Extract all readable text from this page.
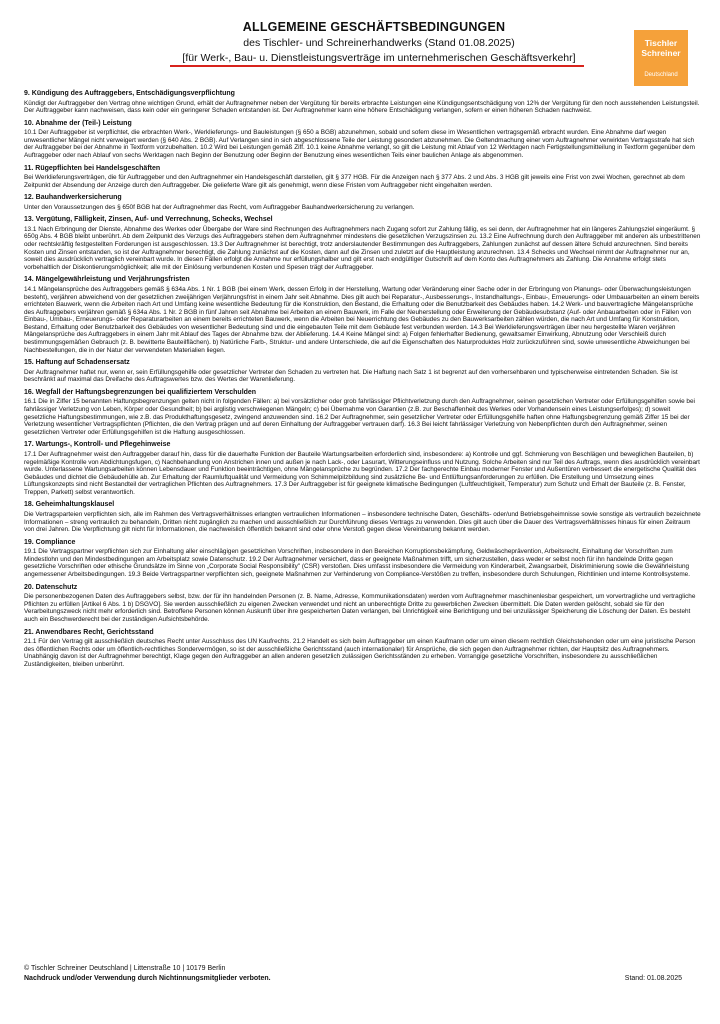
ALLGEMEINE GESCHÄFTSBEDINGUNGEN
des Tischler- und Schreinerhandwerks (Stand 01.08.2025)
[für Werk-, Bau- u. Dienstleistungsverträge im unternehmerischen Geschäftsverkehr]
Tischler
Schreiner
Deutschland
9. Kündigung des Auftraggebers, Entschädigungsverpflichtung

Kündigt der Auftraggeber den Vertrag ohne wichtigen Grund, erhält der Auftragnehmer neben der Vergütung für bereits erbrachte Leistungen eine Kündigungsentschädigung von 12% der Vergütung für den noch ausstehenden Leistungsteil. Der Auftraggeber kann nachweisen, dass kein oder ein geringerer Schaden entstanden ist. Der Auftragnehmer kann eine höhere Entschädigung verlangen, sofern er einen höheren Schaden nachweist.

10. Abnahme der (Teil-) Leistung

10.1 Der Auftraggeber ist verpflichtet, die erbrachten Werk-, Werklieferungs- und Bauleistungen (§ 650 a BGB) abzunehmen, sobald und sofern diese im Wesentlichen vertragsgemäß erbracht wurden. Eine Abnahme darf wegen unwesentlicher Mängel nicht verweigert werden (§ 640 Abs. 2 BGB). Auf Verlangen sind in sich abgeschlossene Teile der Leistung gesondert abzunehmen. Die Geltendmachung einer vom Auftragnehmer verwirkten Vertragsstrafe hat sich der Auftraggeber bei der Abnahme in Textform vorzubehalten. 10.2 Wird bei Leistungen gemäß Ziff. 10.1 keine Abnahme verlangt, so gilt die Leistung mit Ablauf von 12 Werktagen nach Fertigstellungsmitteilung in Textform gegenüber dem Auftraggeber oder nach Ablauf von sechs Werktagen nach Beginn der Benutzung oder Beginn der Benutzung eines wesentlichen Teils einer baulichen Anlage als abgenommen.

11. Rügepflichten bei Handelsgeschäften

Bei Werklieferungsverträgen, die für Auftraggeber und den Auftragnehmer ein Handelsgeschäft darstellen, gilt § 377 HGB. Für die Anzeigen nach § 377 Abs. 2 und Abs. 3 HGB gilt jeweils eine Frist von zwei Wochen, gerechnet ab dem Zeitpunkt der Absendung der Anzeige durch den Auftraggeber. Die gelieferte Ware gilt als genehmigt, wenn diese Fristen vom Auftraggeber nicht eingehalten werden.

12. Bauhandwerkersicherung

Unter den Voraussetzungen des § 650f BGB hat der Auftragnehmer das Recht, vom Auftraggeber Bauhandwerkersicherung zu verlangen.

13. Vergütung, Fälligkeit, Zinsen, Auf- und Verrechnung, Schecks, Wechsel

13.1 Nach Erbringung der Dienste, Abnahme des Werkes oder Übergabe der Ware sind Rechnungen des Auftragnehmers nach Zugang sofort zur Zahlung fällig, es sei denn, der Auftragnehmer hat ein längeres Zahlungsziel eingeräumt. § 650g Abs. 4 BGB bleibt unberührt. Ab dem Zeitpunkt des Verzugs des Auftraggebers stehen dem Auftragnehmer mindestens die gesetzlichen Verzugszinsen zu. 13.2 Eine Aufrechnung durch den Auftraggeber mit anderen als unbestrittenen oder rechtskräftig festgestellten Forderungen ist ausgeschlossen. 13.3 Der Auftragnehmer ist berechtigt, trotz anderslautender Bestimmungen des Auftraggebers, Zahlungen zunächst auf dessen ältere Schuld anzurechnen. Sind bereits Kosten und Zinsen entstanden, so ist der Auftragnehmer berechtigt, die Zahlung zunächst auf die Kosten, dann auf die Zinsen und zuletzt auf die Hauptleistung anzurechnen. 13.4 Schecks und Wechsel nimmt der Auftragnehmer nur an, soweit dies ausdrücklich vertraglich vereinbart wurde. In diesen Fällen erfolgt die Annahme nur erfüllungshalber und gilt erst nach endgültiger Gutschrift auf dem Konto des Auftragnehmers als Zahlung. Die Annahme erfolgt stets vorbehaltlich der Diskontierungsmöglichkeit; alle mit der Einlösung verbundenen Kosten und Spesen trägt der Auftraggeber.

14. Mängelgewährleistung und Verjährungsfristen

14.1 Mängelansprüche des Auftraggebers gemäß § 634a Abs. 1 Nr. 1 BGB (bei einem Werk, dessen Erfolg in der Herstellung, Wartung oder Veränderung einer Sache oder in der Erbringung von Planungs- oder Überwachungsleistungen besteht), verjähren abweichend von der gesetzlichen zweijährigen Verjährungsfrist in einem Jahr seit Abnahme. Dies gilt auch bei Reparatur-, Ausbesserungs-, Instandhaltungs-, Einbau-, Erneuerungs- oder Umbauarbeiten an einem bereits errichteten Bauwerk, wenn die Arbeiten nach Art und Umfang keine wesentliche Bedeutung für die Konstruktion, den Bestand, die Erhaltung oder die Benutzbarkeit des Gebäudes haben. 14.2 Werk- und bauvertragliche Mängelansprüche des Auftraggebers verjähren gemäß § 634a Abs. 1 Nr. 2 BGB in fünf Jahren seit Abnahme bei Arbeiten an einem Bauwerk, im Falle der Neuherstellung oder Erweiterung der Gebäudesubstanz (Auf- oder Anbauarbeiten oder in Fällen von Einbau-, Umbau-, Erneuerungs- oder Reparaturarbeiten an einem bereits errichteten Bauwerk, wenn die Arbeiten bei Neuerrichtung des Gebäudes zu den Bauwerksarbeiten zählen würden, die nach Art und Umfang für Konstruktion, Bestand, Erhaltung oder Benutzbarkeit des Gebäudes von wesentlicher Bedeutung sind und die eingebauten Teile mit dem Gebäude fest verbunden werden. 14.3 Bei Werklieferungsverträgen über neu hergestellte Waren verjähren Mängelansprüche des Auftraggebers in einem Jahr mit Ablauf des Tages der Abnahme bzw. der Ablieferung. 14.4 Keine Mängel sind: a) Folgen fehlerhafter Bedienung, gewaltsamer Einwirkung, Abnutzung oder Verschleiß durch bestimmungsgemäßen Gebrauch (z. B. bewitterte Bauteilflächen). b) Natürliche Farb-, Struktur- und andere Unterschiede, die auf die Eigenschaften des Naturproduktes Holz zurückzuführen sind, sowie unwesentliche Abweichungen bei Nachbestellungen, die in der Natur der verwendeten Materialien liegen.

15. Haftung auf Schadensersatz

Der Auftragnehmer haftet nur, wenn er, sein Erfüllungsgehilfe oder gesetzlicher Vertreter den Schaden zu vertreten hat. Die Haftung nach Satz 1 ist begrenzt auf den vorhersehbaren und typischerweise eintretenden Schaden. Sie ist beschränkt auf maximal das Dreifache des Auftragswertes bzw. des Wertes der Warenlieferung.

16. Wegfall der Haftungsbegrenzungen bei qualifiziertem Verschulden

16.1 Die in Ziffer 15 benannten Haftungsbegrenzungen gelten nicht in folgenden Fällen: a) bei vorsätzlicher oder grob fahrlässiger Pflichtverletzung durch den Auftragnehmer, seinen gesetzlichen Vertreter oder Erfüllungsgehilfen sowie bei fahrlässiger Verletzung von Leben, Körper oder Gesundheit; b) bei arglistig verschwiegenen Mängeln; c) bei Übernahme von Garantien (z.B. zur Beschaffenheit des Werkes oder Vorhandensein eines Leistungserfolges); d) soweit gesetzliche Haftungsbestimmungen, wie z.B. das Produkthaftungsgesetz, zwingend anzuwenden sind. 16.2 Der Auftragnehmer, sein gesetzlicher Vertreter oder Erfüllungsgehilfe haften ohne Haftungsbegrenzung gemäß Ziffer 15 bei der Verletzung wesentlicher Vertragspflichten (Pflichten, die den Vertrag prägen und auf deren Einhaltung der Auftraggeber vertrauen darf). 16.3 Bei leicht fahrlässiger Verletzung von Nebenpflichten durch den Auftragnehmer, seinen gesetzlichen Vertreter oder Erfüllungsgehilfen ist die Haftung ausgeschlossen.

17. Wartungs-, Kontroll- und Pflegehinweise

17.1 Der Auftragnehmer weist den Auftraggeber darauf hin, dass für die dauerhafte Funktion der Bauteile Wartungsarbeiten erforderlich sind, insbesondere: a) Kontrolle und ggf. Schmierung von Beschlägen und beweglichen Bauteilen, b) regelmäßige Kontrolle von Abdichtungsfugen, c) Nachbehandlung von Anstrichen innen und außen je nach Lack-, oder Lasurart, Witterungseinfluss und Nutzung. Solche Arbeiten sind nur Teil des Auftrags, wenn dies ausdrücklich vereinbart wurde. Unterlassene Wartungsarbeiten können Lebensdauer und Funktion beeinträchtigen, ohne Mängelansprüche zu begründen. 17.2 Der fachgerechte Einbau moderner Fenster und Außentüren verbessert die energetische Qualität des Gebäudes und dichtet die Gebäudehülle ab. Zur Erhaltung der Raumluftqualität und Vermeidung von Schimmelpilzbildung sind zusätzliche Be- und Entlüftungsanforderungen zu erfüllen. Die Erstellung und Umsetzung eines Lüftungskonzepts sind nicht Bestandteil der vertraglichen Pflichten des Auftragnehmers. 17.3 Der Auftraggeber ist für geeignete klimatische Bedingungen (Luftfeuchtigkeit, Temperatur) zum Schutz und Erhalt der Bauteile (z. B. Fenster, Treppen, Parkett) selbst verantwortlich.

18. Geheimhaltungsklausel

Die Vertragsparteien verpflichten sich, alle im Rahmen des Vertragsverhältnisses erlangten vertraulichen Informationen – insbesondere technische Daten, Geschäfts- oder/und Betriebsgeheimnisse sowie sonstige als vertraulich bezeichnete Informationen – streng vertraulich zu behandeln, Dritten nicht zugänglich zu machen und ausschließlich zur Durchführung dieses Vertrags zu verwenden. Dies gilt auch über die Dauer des Vertragsverhältnisses hinaus für einen Zeitraum von drei Jahren. Die Verpflichtung gilt nicht für Informationen, die nachweislich öffentlich bekannt sind oder ohne Verstoß gegen diese Vereinbarung bekannt werden.

19. Compliance

19.1 Die Vertragspartner verpflichten sich zur Einhaltung aller einschlägigen gesetzlichen Vorschriften, insbesondere in den Bereichen Korruptionsbekämpfung, Geldwäscheprävention, Arbeitsrecht, Einhaltung der Vorschriften zum Mindestlohn und den Mindestbedingungen am Arbeitsplatz sowie Datenschutz. 19.2 Der Auftragnehmer versichert, dass er geeignete Maßnahmen trifft, um sicherzustellen, dass weder er selbst noch für ihn handelnde Dritte gegen gesetzliche Vorschriften oder ethische Grundsätze im Sinne von „Corporate Social Responsibility" (CSR) verstoßen. Dies umfasst insbesondere die Vermeidung von Kinderarbeit, Zwangsarbeit, Diskriminierung sowie die Gewährleistung angemessener Arbeitsbedingungen. 19.3 Beide Vertragspartner verpflichten sich, geeignete Maßnahmen zur Verhinderung von Compliance-Verstößen zu treffen, insbesondere durch Schulungen, Richtlinien und interne Kontrollsysteme.

20. Datenschutz

Die personenbezogenen Daten des Auftraggebers selbst, bzw. der für ihn handelnden Personen (z. B. Name, Adresse, Kommunikationsdaten) werden vom Auftragnehmer maschinenlesbar gespeichert, um vorvertragliche und vertragliche Pflichten zu erfüllen [Artikel 6 Abs. 1 b) DSGVO]. Sie werden ausschließlich zu eigenen Zwecken verwendet und nicht an unberechtigte Dritte zu gewerblichen Zwecken übermittelt. Die Daten werden gelöscht, sobald sie für den Verarbeitungszweck nicht mehr erforderlich sind. Betroffene Personen können Auskunft über ihre gespeicherten Daten verlangen, bei Unrichtigkeit eine Berichtigung und bei unzulässiger Speicherung die Löschung der Daten. Es besteht auch ein Beschwerderecht bei der zuständigen Aufsichtsbehörde.

21. Anwendbares Recht, Gerichtsstand

21.1 Für den Vertrag gilt ausschließlich deutsches Recht unter Ausschluss des UN Kaufrechts. 21.2 Handelt es sich beim Auftraggeber um einen Kaufmann oder um einen diesem rechtlich Gleichstehenden oder um eine juristische Person des öffentlichen Rechts oder um öffentlich-rechtliches Sondervermögen, so ist der ausschließliche Gerichtsstand (auch internationaler) für Ansprüche, die sich gegen den Auftragnehmer richten, der Hauptsitz des Auftragnehmers. Unabhängig davon ist der Auftragnehmer berechtigt, Klage gegen den Auftraggeber an allen anderen gesetzlich zulässigen Gerichtsständen zu erheben. Vorrangige gesetzliche Vorschriften, insbesondere zu ausschließlichen Zuständigkeiten, bleiben unberührt.

© Tischler Schreiner Deutschland | Littenstraße 10 | 10179 Berlin
Nachdruck und/oder Verwendung durch Nichtinnungsmitglieder verboten.	Stand: 01.08.2025
